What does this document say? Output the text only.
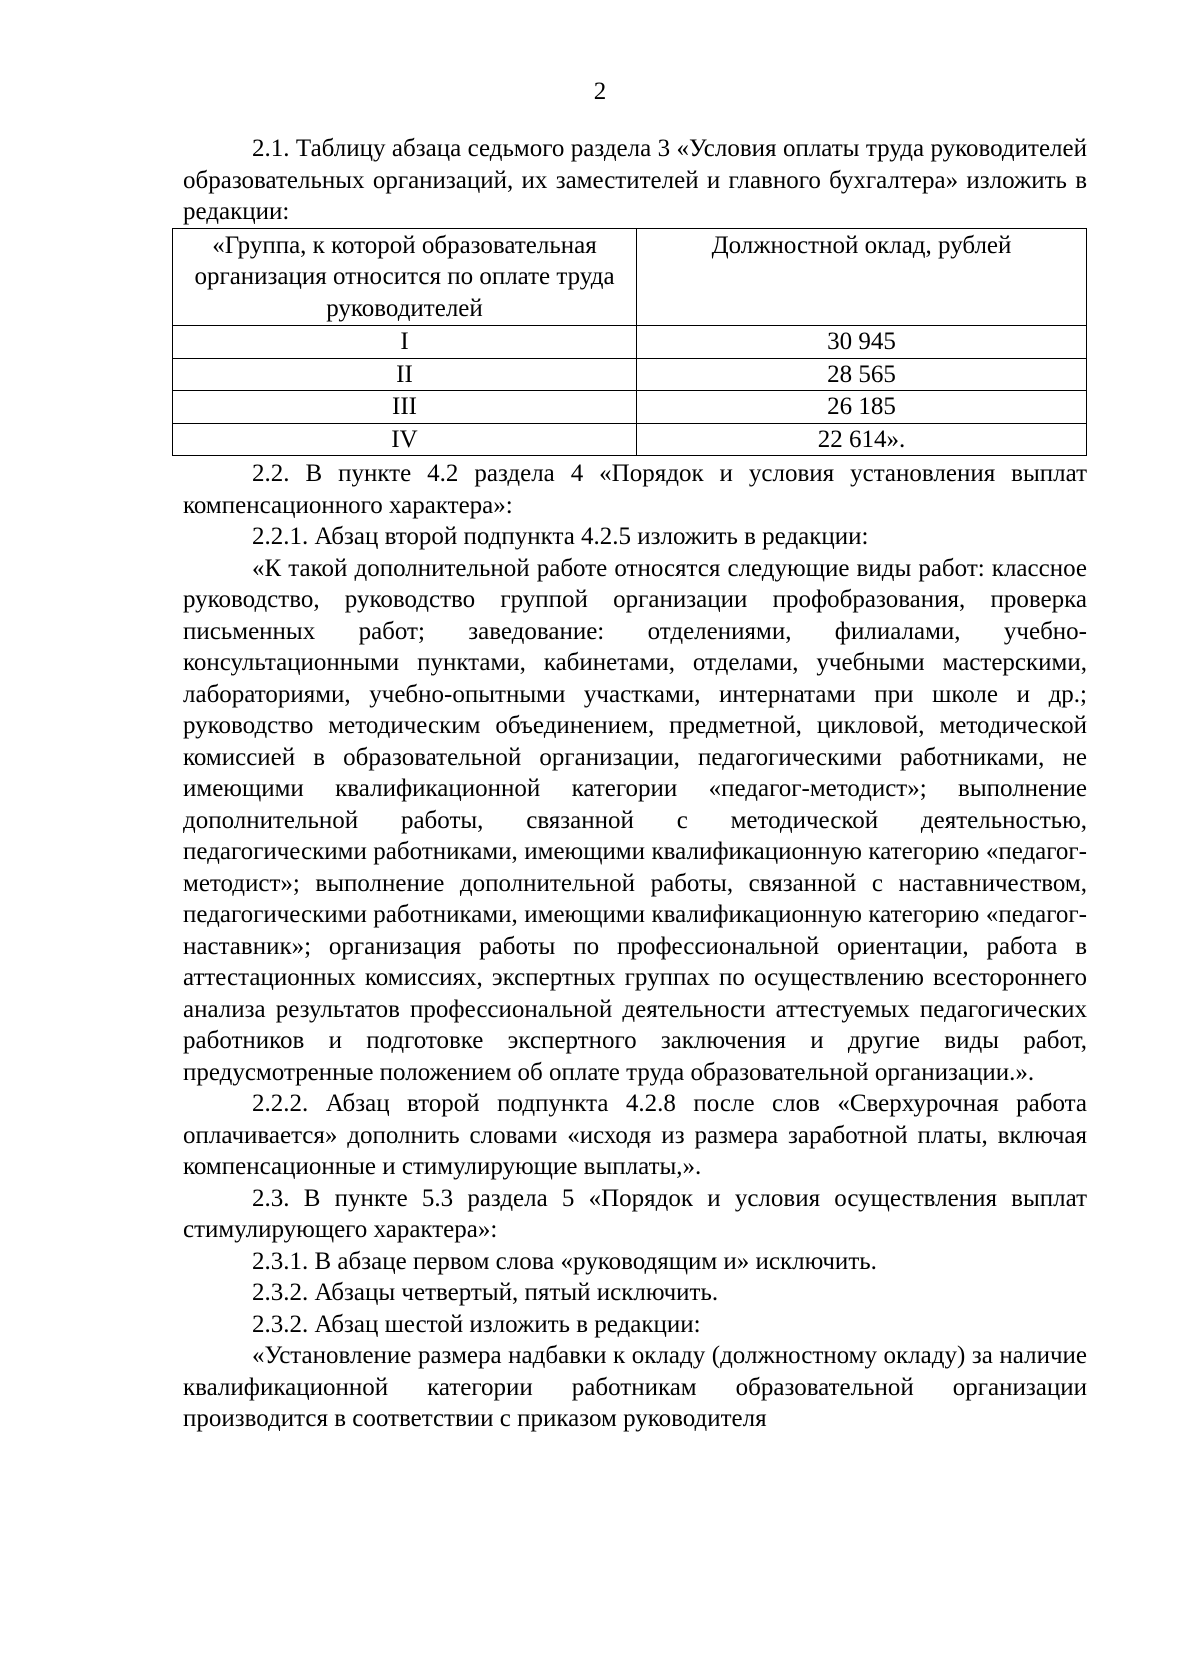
2

2.1. Таблицу абзаца седьмого раздела 3 «Условия оплаты труда руководителей образовательных организаций, их заместителей и главного бухгалтера» изложить в редакции:

«Группа, к которой образовательная организация относится по оплате труда руководителей	Должностной оклад, рублей
I	30 945
II	28 565
III	26 185
IV	22 614».

2.2. В пункте 4.2 раздела 4 «Порядок и условия установления выплат компенсационного характера»:

2.2.1. Абзац второй подпункта 4.2.5 изложить в редакции:

«К такой дополнительной работе относятся следующие виды работ: классное руководство, руководство группой организации профобразования, проверка письменных работ; заведование: отделениями, филиалами, учебно-консультационными пунктами, кабинетами, отделами, учебными мастерскими, лабораториями, учебно-опытными участками, интернатами при школе и др.; руководство методическим объединением, предметной, цикловой, методической комиссией в образовательной организации, педагогическими работниками, не имеющими квалификационной категории «педагог-методист»; выполнение дополнительной работы, связанной с методической деятельностью, педагогическими работниками, имеющими квалификационную категорию «педагог-методист»; выполнение дополнительной работы, связанной с наставничеством, педагогическими работниками, имеющими квалификационную категорию «педагог-наставник»; организация работы по профессиональной ориентации, работа в аттестационных комиссиях, экспертных группах по осуществлению всестороннего анализа результатов профессиональной деятельности аттестуемых педагогических работников и подготовке экспертного заключения и другие виды работ, предусмотренные положением об оплате труда образовательной организации.».

2.2.2. Абзац второй подпункта 4.2.8 после слов «Сверхурочная работа оплачивается» дополнить словами «исходя из размера заработной платы, включая компенсационные и стимулирующие выплаты,».

2.3. В пункте 5.3 раздела 5 «Порядок и условия осуществления выплат стимулирующего характера»:

2.3.1. В абзаце первом слова «руководящим и» исключить.

2.3.2. Абзацы четвертый, пятый исключить.

2.3.2. Абзац шестой изложить в редакции:

«Установление размера надбавки к окладу (должностному окладу) за наличие квалификационной категории работникам образовательной организации производится в соответствии с приказом руководителя
